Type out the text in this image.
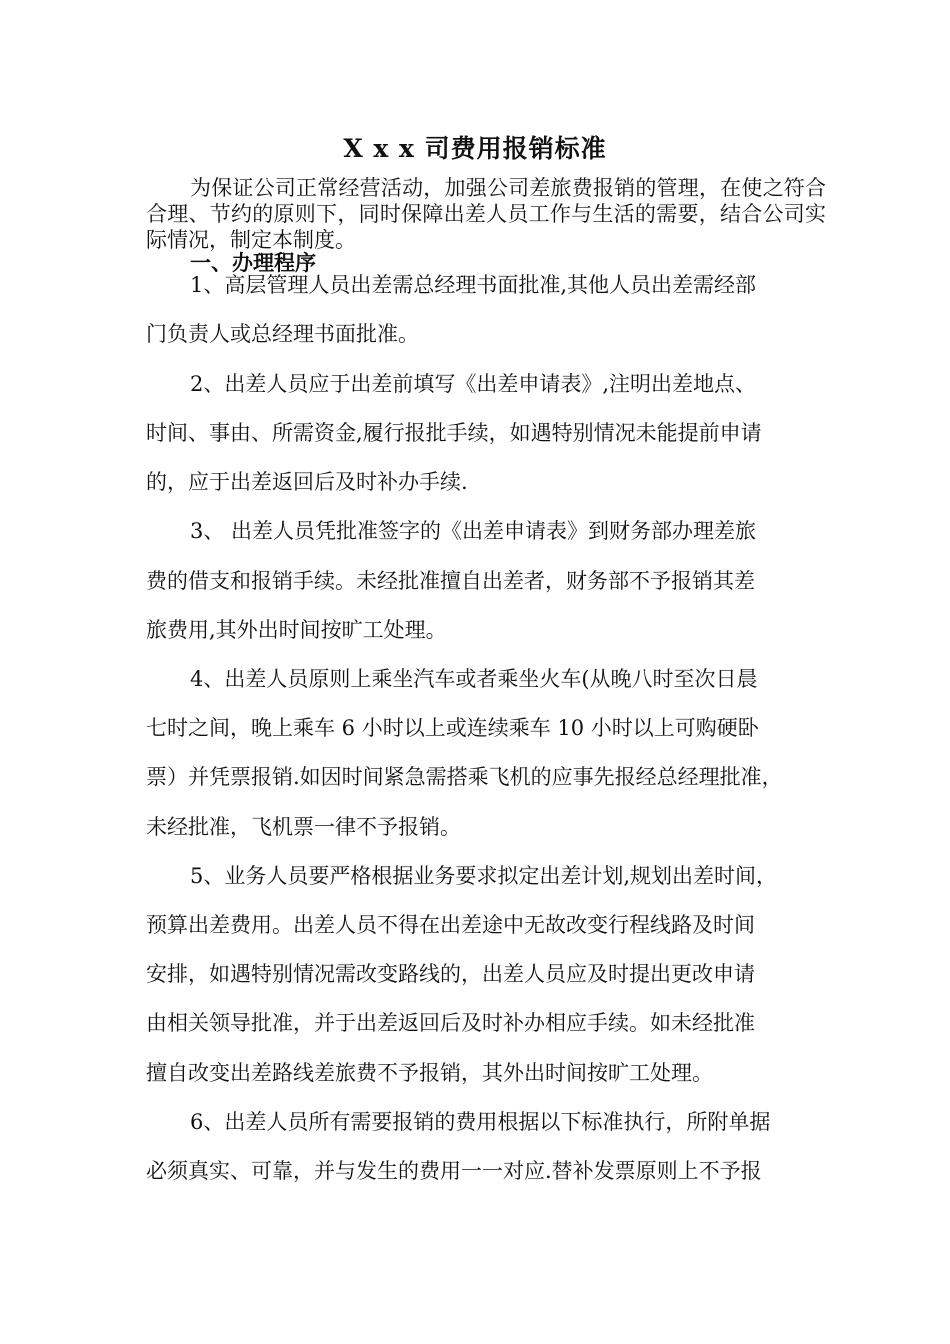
X x x 司费用报销标准
为保证公司正常经营活动，加强公司差旅费报销的管理，在使之符合合理、节约的原则下，同时保障出差人员工作与生活的需要，结合公司实际情况，制定本制度。
一、办理程序
1、高层管理人员出差需总经理书面批准,其他人员出差需经部
门负责人或总经理书面批准。
2、出差人员应于出差前填写《出差申请表》,注明出差地点、
时间、事由、所需资金,履行报批手续，如遇特别情况未能提前申请
的，应于出差返回后及时补办手续.
3、 出差人员凭批准签字的《出差申请表》到财务部办理差旅
费的借支和报销手续。未经批准擅自出差者，财务部不予报销其差
旅费用,其外出时间按旷工处理。
4、出差人员原则上乘坐汽车或者乘坐火车(从晚八时至次日晨
七时之间，晚上乘车 6 小时以上或连续乘车 10 小时以上可购硬卧
票）并凭票报销.如因时间紧急需搭乘飞机的应事先报经总经理批准，
未经批准，飞机票一律不予报销。
5、业务人员要严格根据业务要求拟定出差计划,规划出差时间，
预算出差费用。出差人员不得在出差途中无故改变行程线路及时间
安排，如遇特别情况需改变路线的，出差人员应及时提出更改申请
由相关领导批准，并于出差返回后及时补办相应手续。如未经批准
擅自改变出差路线差旅费不予报销，其外出时间按旷工处理。
6、出差人员所有需要报销的费用根据以下标准执行，所附单据
必须真实、可靠，并与发生的费用一一对应.替补发票原则上不予报
